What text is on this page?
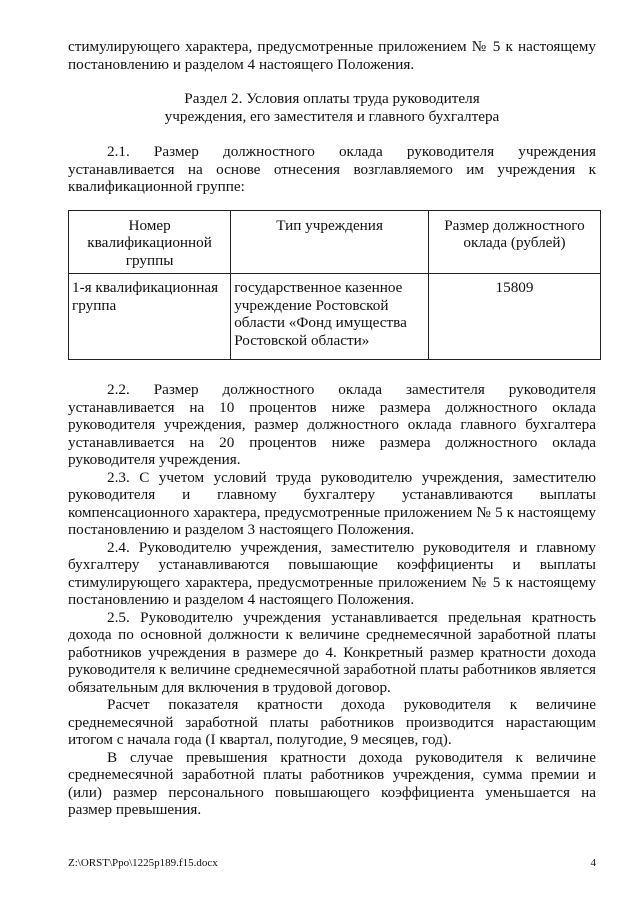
стимулирующего характера, предусмотренные приложением № 5 к настоящему постановлению и разделом 4 настоящего Положения.

Раздел 2. Условия оплаты труда руководителя
учреждения, его заместителя и главного бухгалтера

2.1. Размер должностного оклада руководителя учреждения устанавливается на основе отнесения возглавляемого им учреждения к квалификационной группе:

Номер квалификационной группы	Тип учреждения	Размер должностного оклада (рублей)
1-я квалификационная группа	государственное казенное учреждение Ростовской области «Фонд имущества Ростовской области»	15809

2.2. Размер должностного оклада заместителя руководителя устанавливается на 10 процентов ниже размера должностного оклада руководителя учреждения, размер должностного оклада главного бухгалтера устанавливается на 20 процентов ниже размера должностного оклада руководителя учреждения.

2.3. С учетом условий труда руководителю учреждения, заместителю руководителя и главному бухгалтеру устанавливаются выплаты компенсационного характера, предусмотренные приложением № 5 к настоящему постановлению и разделом 3 настоящего Положения.

2.4. Руководителю учреждения, заместителю руководителя и главному бухгалтеру устанавливаются повышающие коэффициенты и выплаты стимулирующего характера, предусмотренные приложением № 5 к настоящему постановлению и разделом 4 настоящего Положения.

2.5. Руководителю учреждения устанавливается предельная кратность дохода по основной должности к величине среднемесячной заработной платы работников учреждения в размере до 4. Конкретный размер кратности дохода руководителя к величине среднемесячной заработной платы работников является обязательным для включения в трудовой договор.

Расчет показателя кратности дохода руководителя к величине среднемесячной заработной платы работников производится нарастающим итогом с начала года (I квартал, полугодие, 9 месяцев, год).

В случае превышения кратности дохода руководителя к величине среднемесячной заработной платы работников учреждения, сумма премии и (или) размер персонального повышающего коэффициента уменьшается на размер превышения.

Z:\ORST\Ppo\1225p189.f15.docx	4
